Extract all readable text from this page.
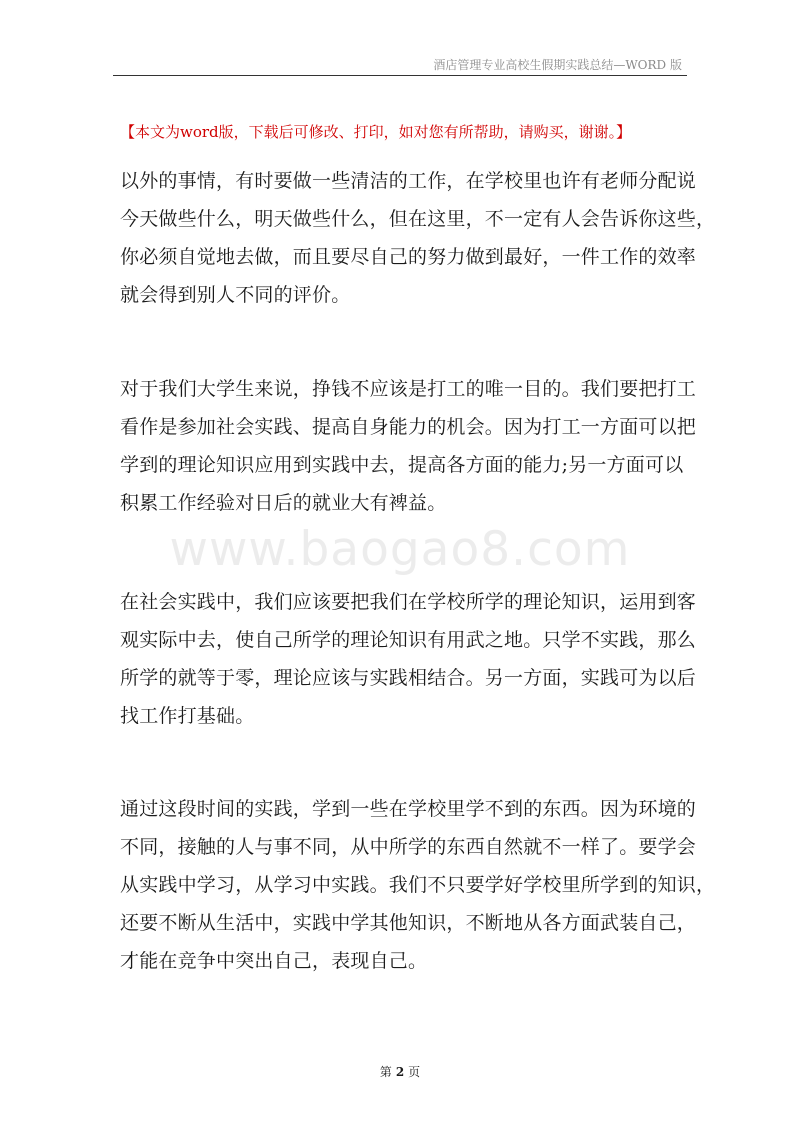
酒店管理专业高校生假期实践总结—WORD 版
【本文为word版，下载后可修改、打印，如对您有所帮助，请购买，谢谢。】
www.baogao8.com
以外的事情，有时要做一些清洁的工作，在学校里也许有老师分配说
今天做些什么，明天做些什么，但在这里，不一定有人会告诉你这些，
你必须自觉地去做，而且要尽自己的努力做到最好，一件工作的效率
就会得到别人不同的评价。
对于我们大学生来说，挣钱不应该是打工的唯一目的。我们要把打工
看作是参加社会实践、提高自身能力的机会。因为打工一方面可以把
学到的理论知识应用到实践中去，提高各方面的能力;另一方面可以
积累工作经验对日后的就业大有裨益。
在社会实践中，我们应该要把我们在学校所学的理论知识，运用到客
观实际中去，使自己所学的理论知识有用武之地。只学不实践，那么
所学的就等于零，理论应该与实践相结合。另一方面，实践可为以后
找工作打基础。
通过这段时间的实践，学到一些在学校里学不到的东西。因为环境的
不同，接触的人与事不同，从中所学的东西自然就不一样了。要学会
从实践中学习，从学习中实践。我们不只要学好学校里所学到的知识，
还要不断从生活中，实践中学其他知识，不断地从各方面武装自己，
才能在竞争中突出自己，表现自己。
第 2 页
